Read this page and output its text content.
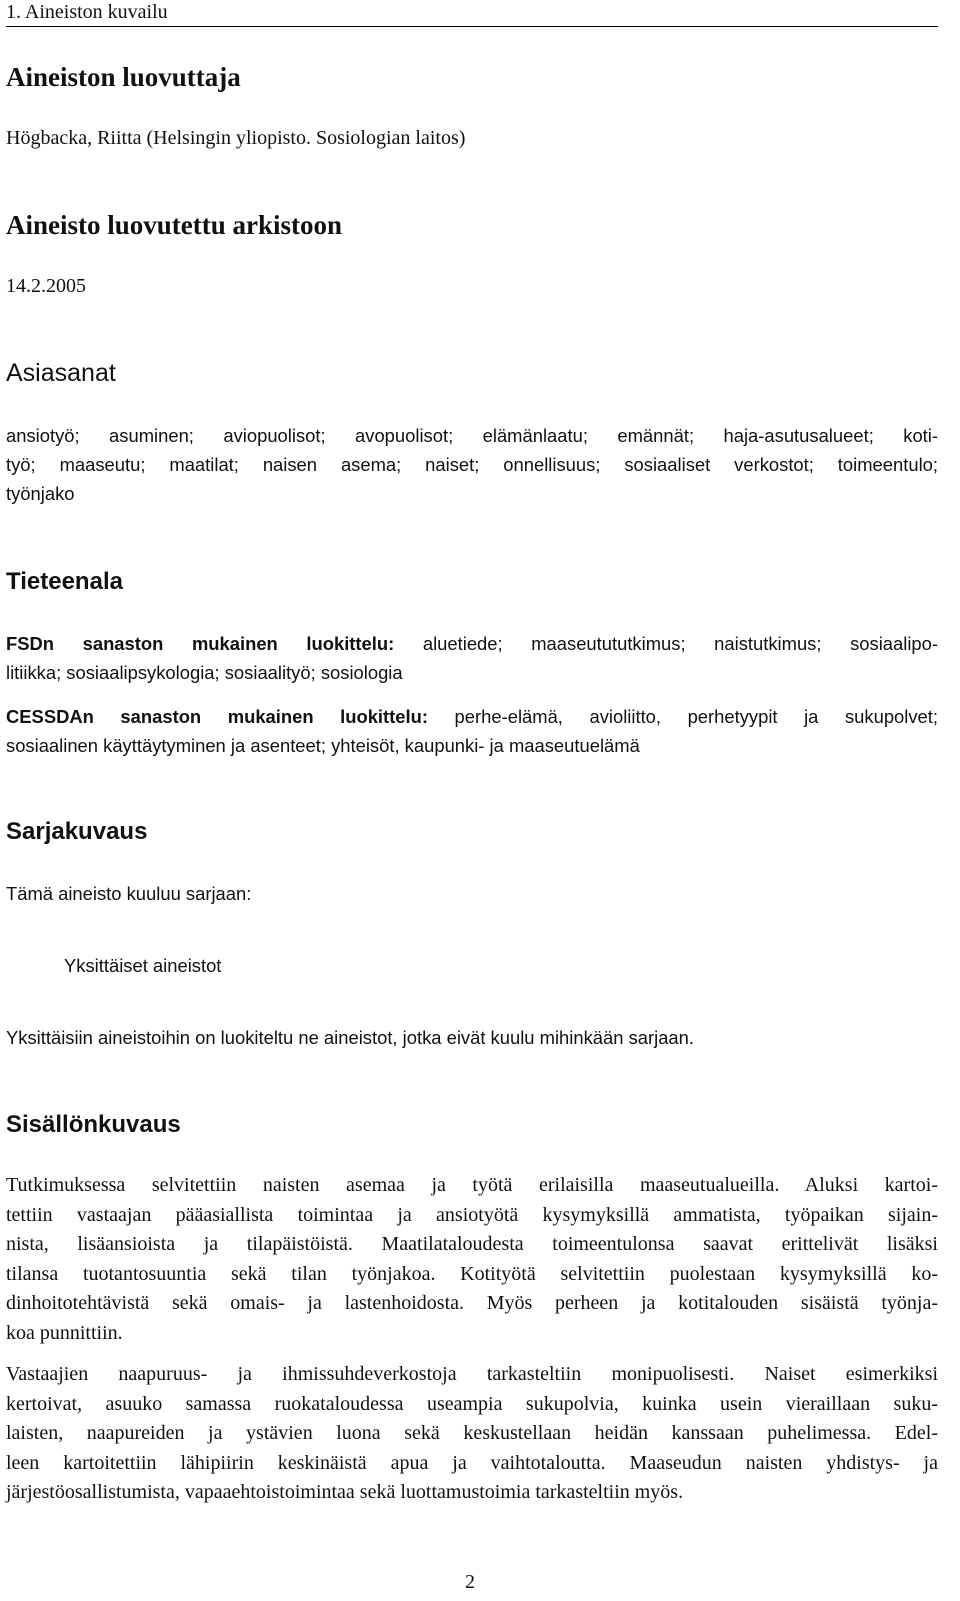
1. Aineiston kuvailu
Aineiston luovuttaja

Högbacka, Riitta (Helsingin yliopisto. Sosiologian laitos)

Aineisto luovutettu arkistoon

14.2.2005

Asiasanat
ansiotyö; asuminen; aviopuolisot; avopuolisot; elämänlaatu; emännät; haja-asutusalueet; koti-
työ; maaseutu; maatilat; naisen asema; naiset; onnellisuus; sosiaaliset verkostot; toimeentulo;
työnjako
Tieteenala
FSDn sanaston mukainen luokittelu: aluetiede; maaseutututkimus; naistutkimus; sosiaalipo-
litiikka; sosiaalipsykologia; sosiaalityö; sosiologia
CESSDAn sanaston mukainen luokittelu: perhe-elämä, avioliitto, perhetyypit ja sukupolvet;
sosiaalinen käyttäytyminen ja asenteet; yhteisöt, kaupunki- ja maaseutuelämä
Sarjakuvaus

Tämä aineisto kuuluu sarjaan:

Yksittäiset aineistot

Yksittäisiin aineistoihin on luokiteltu ne aineistot, jotka eivät kuulu mihinkään sarjaan.

Sisällönkuvaus
Tutkimuksessa selvitettiin naisten asemaa ja työtä erilaisilla maaseutualueilla. Aluksi kartoi-
tettiin vastaajan pääasiallista toimintaa ja ansiotyötä kysymyksillä ammatista, työpaikan sijain-
nista, lisäansioista ja tilapäistöistä. Maatilataloudesta toimeentulonsa saavat erittelivät lisäksi
tilansa tuotantosuuntia sekä tilan työnjakoa. Kotityötä selvitettiin puolestaan kysymyksillä ko-
dinhoitotehtävistä sekä omais- ja lastenhoidosta. Myös perheen ja kotitalouden sisäistä työnja-
koa punnittiin.
Vastaajien naapuruus- ja ihmissuhdeverkostoja tarkasteltiin monipuolisesti. Naiset esimerkiksi
kertoivat, asuuko samassa ruokataloudessa useampia sukupolvia, kuinka usein vieraillaan suku-
laisten, naapureiden ja ystävien luona sekä keskustellaan heidän kanssaan puhelimessa. Edel-
leen kartoitettiin lähipiirin keskinäistä apua ja vaihtotaloutta. Maaseudun naisten yhdistys- ja
järjestöosallistumista, vapaaehtoistoimintaa sekä luottamustoimia tarkasteltiin myös.
2
